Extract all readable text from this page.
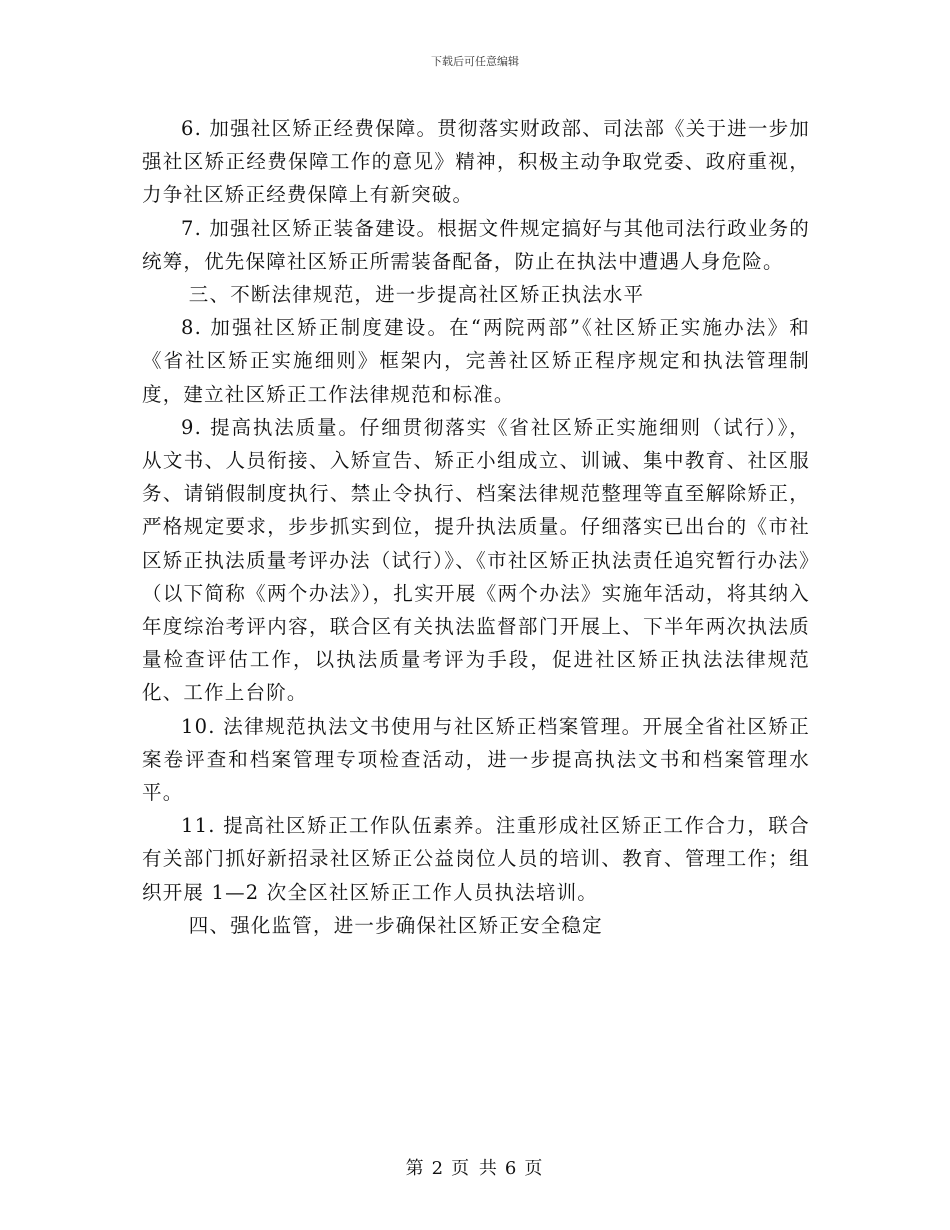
下载后可任意编辑

6. 加强社区矫正经费保障。贯彻落实财政部、司法部《关于进一步加强社区矫正经费保障工作的意见》精神，积极主动争取党委、政府重视，力争社区矫正经费保障上有新突破。

7. 加强社区矫正装备建设。根据文件规定搞好与其他司法行政业务的统筹，优先保障社区矫正所需装备配备，防止在执法中遭遇人身危险。

三、不断法律规范，进一步提高社区矫正执法水平

8. 加强社区矫正制度建设。在“两院两部”《社区矫正实施办法》和《省社区矫正实施细则》框架内，完善社区矫正程序规定和执法管理制度，建立社区矫正工作法律规范和标准。

9. 提高执法质量。仔细贯彻落实《省社区矫正实施细则（试行）》，从文书、人员衔接、入矫宣告、矫正小组成立、训诫、集中教育、社区服务、请销假制度执行、禁止令执行、档案法律规范整理等直至解除矫正，严格规定要求，步步抓实到位，提升执法质量。仔细落实已出台的《市社区矫正执法质量考评办法（试行）》、《市社区矫正执法责任追究暂行办法》（以下简称《两个办法》），扎实开展《两个办法》实施年活动，将其纳入年度综治考评内容，联合区有关执法监督部门开展上、下半年两次执法质量检查评估工作，以执法质量考评为手段，促进社区矫正执法法律规范化、工作上台阶。

10. 法律规范执法文书使用与社区矫正档案管理。开展全省社区矫正案卷评查和档案管理专项检查活动，进一步提高执法文书和档案管理水平。

11. 提高社区矫正工作队伍素养。注重形成社区矫正工作合力，联合有关部门抓好新招录社区矫正公益岗位人员的培训、教育、管理工作；组织开展 1—2 次全区社区矫正工作人员执法培训。

四、强化监管，进一步确保社区矫正安全稳定

第 2 页 共 6 页
